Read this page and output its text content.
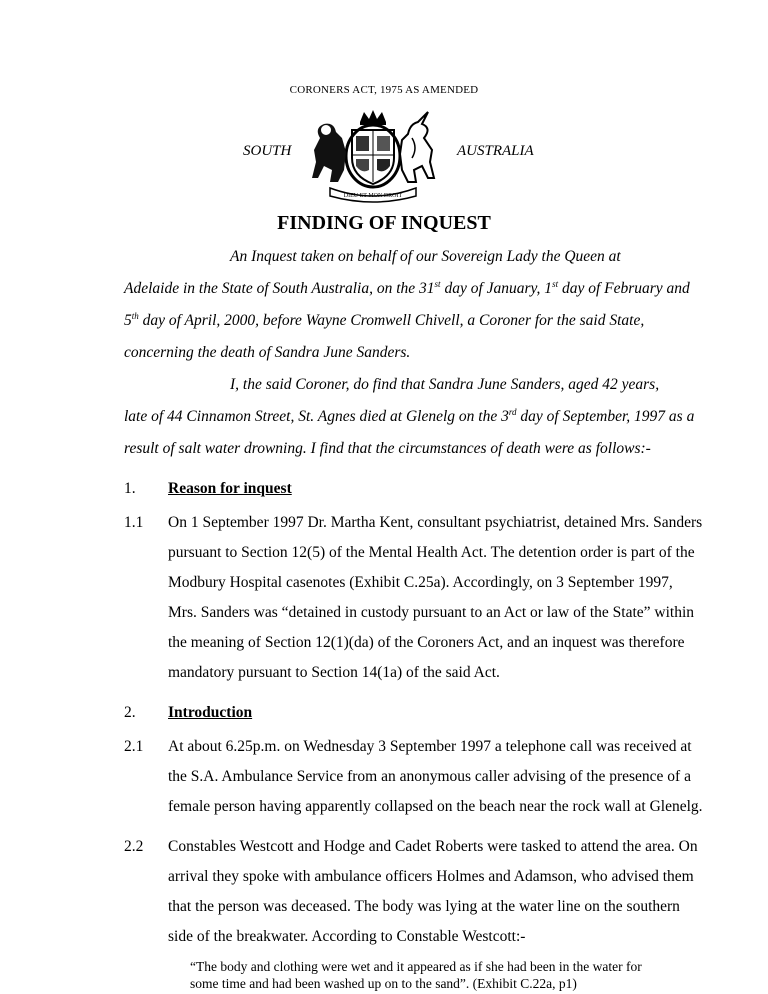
CORONERS ACT, 1975 AS AMENDED
SOUTH	AUSTRALIA
DIEU ET MON DROIT
FINDING OF INQUEST
An Inquest taken on behalf of our Sovereign Lady the Queen at
Adelaide in the State of South Australia, on the 31st day of January, 1st day of February and
5th day of April, 2000, before Wayne Cromwell Chivell, a Coroner for the said State,
concerning the death of Sandra June Sanders.
I, the said Coroner, do find that Sandra June Sanders, aged 42 years,
late of 44 Cinnamon Street, St. Agnes died at Glenelg on the 3rd day of September, 1997 as a
result of salt water drowning. I find that the circumstances of death were as follows:-
1. Reason for inquest
1.1 On 1 September 1997 Dr. Martha Kent, consultant psychiatrist, detained Mrs. Sanders
pursuant to Section 12(5) of the Mental Health Act. The detention order is part of the
Modbury Hospital casenotes (Exhibit C.25a). Accordingly, on 3 September 1997,
Mrs. Sanders was “detained in custody pursuant to an Act or law of the State” within
the meaning of Section 12(1)(da) of the Coroners Act, and an inquest was therefore
mandatory pursuant to Section 14(1a) of the said Act.
2. Introduction
2.1 At about 6.25p.m. on Wednesday 3 September 1997 a telephone call was received at
the S.A. Ambulance Service from an anonymous caller advising of the presence of a
female person having apparently collapsed on the beach near the rock wall at Glenelg.
2.2 Constables Westcott and Hodge and Cadet Roberts were tasked to attend the area. On
arrival they spoke with ambulance officers Holmes and Adamson, who advised them
that the person was deceased. The body was lying at the water line on the southern
side of the breakwater. According to Constable Westcott:-
“The body and clothing were wet and it appeared as if she had been in the water for
some time and had been washed up on to the sand”. (Exhibit C.22a, p1)
